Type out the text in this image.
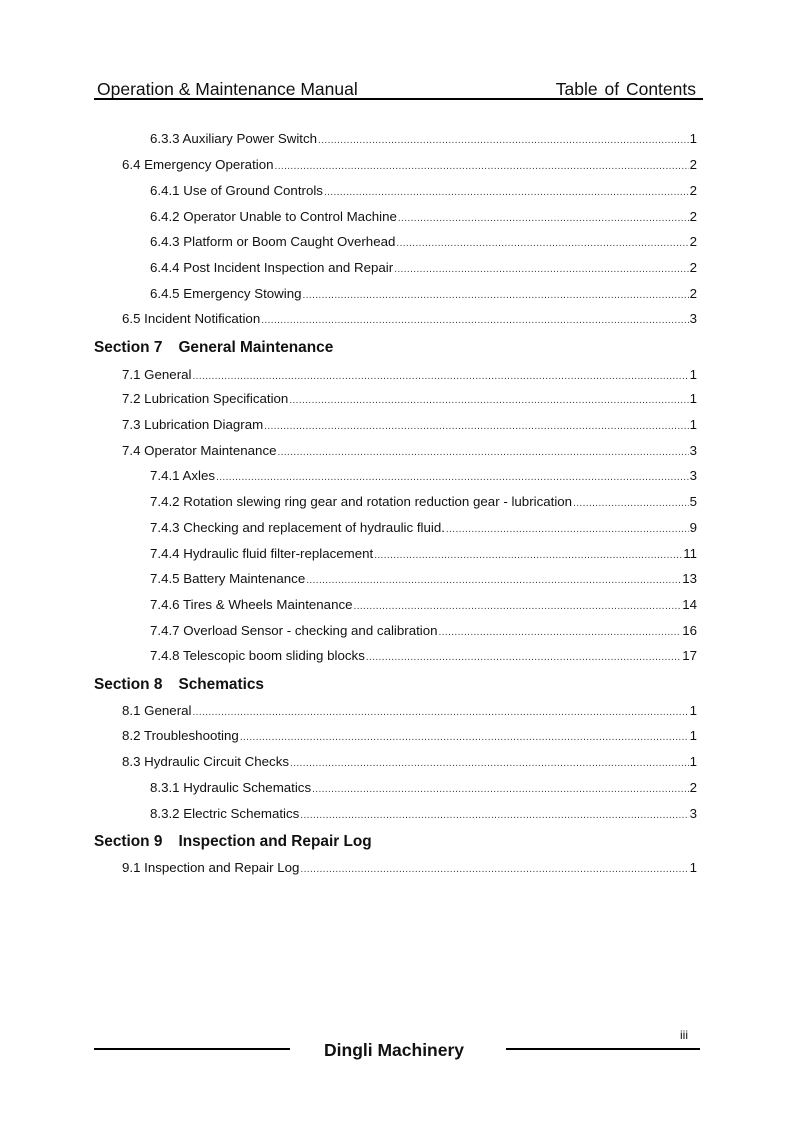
Operation & Maintenance Manual	Table of Contents
6.3.3 Auxiliary Power Switch .....	1
6.4 Emergency Operation .....	2
6.4.1 Use of Ground Controls .....	2
6.4.2 Operator Unable to Control Machine .....	2
6.4.3 Platform or Boom Caught Overhead .....	2
6.4.4 Post Incident Inspection and Repair .....	2
6.4.5 Emergency Stowing .....	2
6.5 Incident Notification .....	3
Section 7 General Maintenance
7.1 General .....	1
7.2 Lubrication Specification .....	1
7.3 Lubrication Diagram .....	1
7.4 Operator Maintenance .....	3
7.4.1 Axles .....	3
7.4.2 Rotation slewing ring gear and rotation reduction gear - lubrication .....	5
7.4.3 Checking and replacement of hydraulic fluid. .....	9
7.4.4 Hydraulic fluid filter-replacement .....	11
7.4.5 Battery Maintenance .....	13
7.4.6 Tires & Wheels Maintenance .....	14
7.4.7 Overload Sensor - checking and calibration .....	16
7.4.8 Telescopic boom sliding blocks .....	17
Section 8 Schematics
8.1 General .....	1
8.2 Troubleshooting .....	1
8.3 Hydraulic Circuit Checks .....	1
8.3.1 Hydraulic Schematics .....	2
8.3.2 Electric Schematics .....	3
Section 9 Inspection and Repair Log
9.1 Inspection and Repair Log .....	1
iii
Dingli Machinery
